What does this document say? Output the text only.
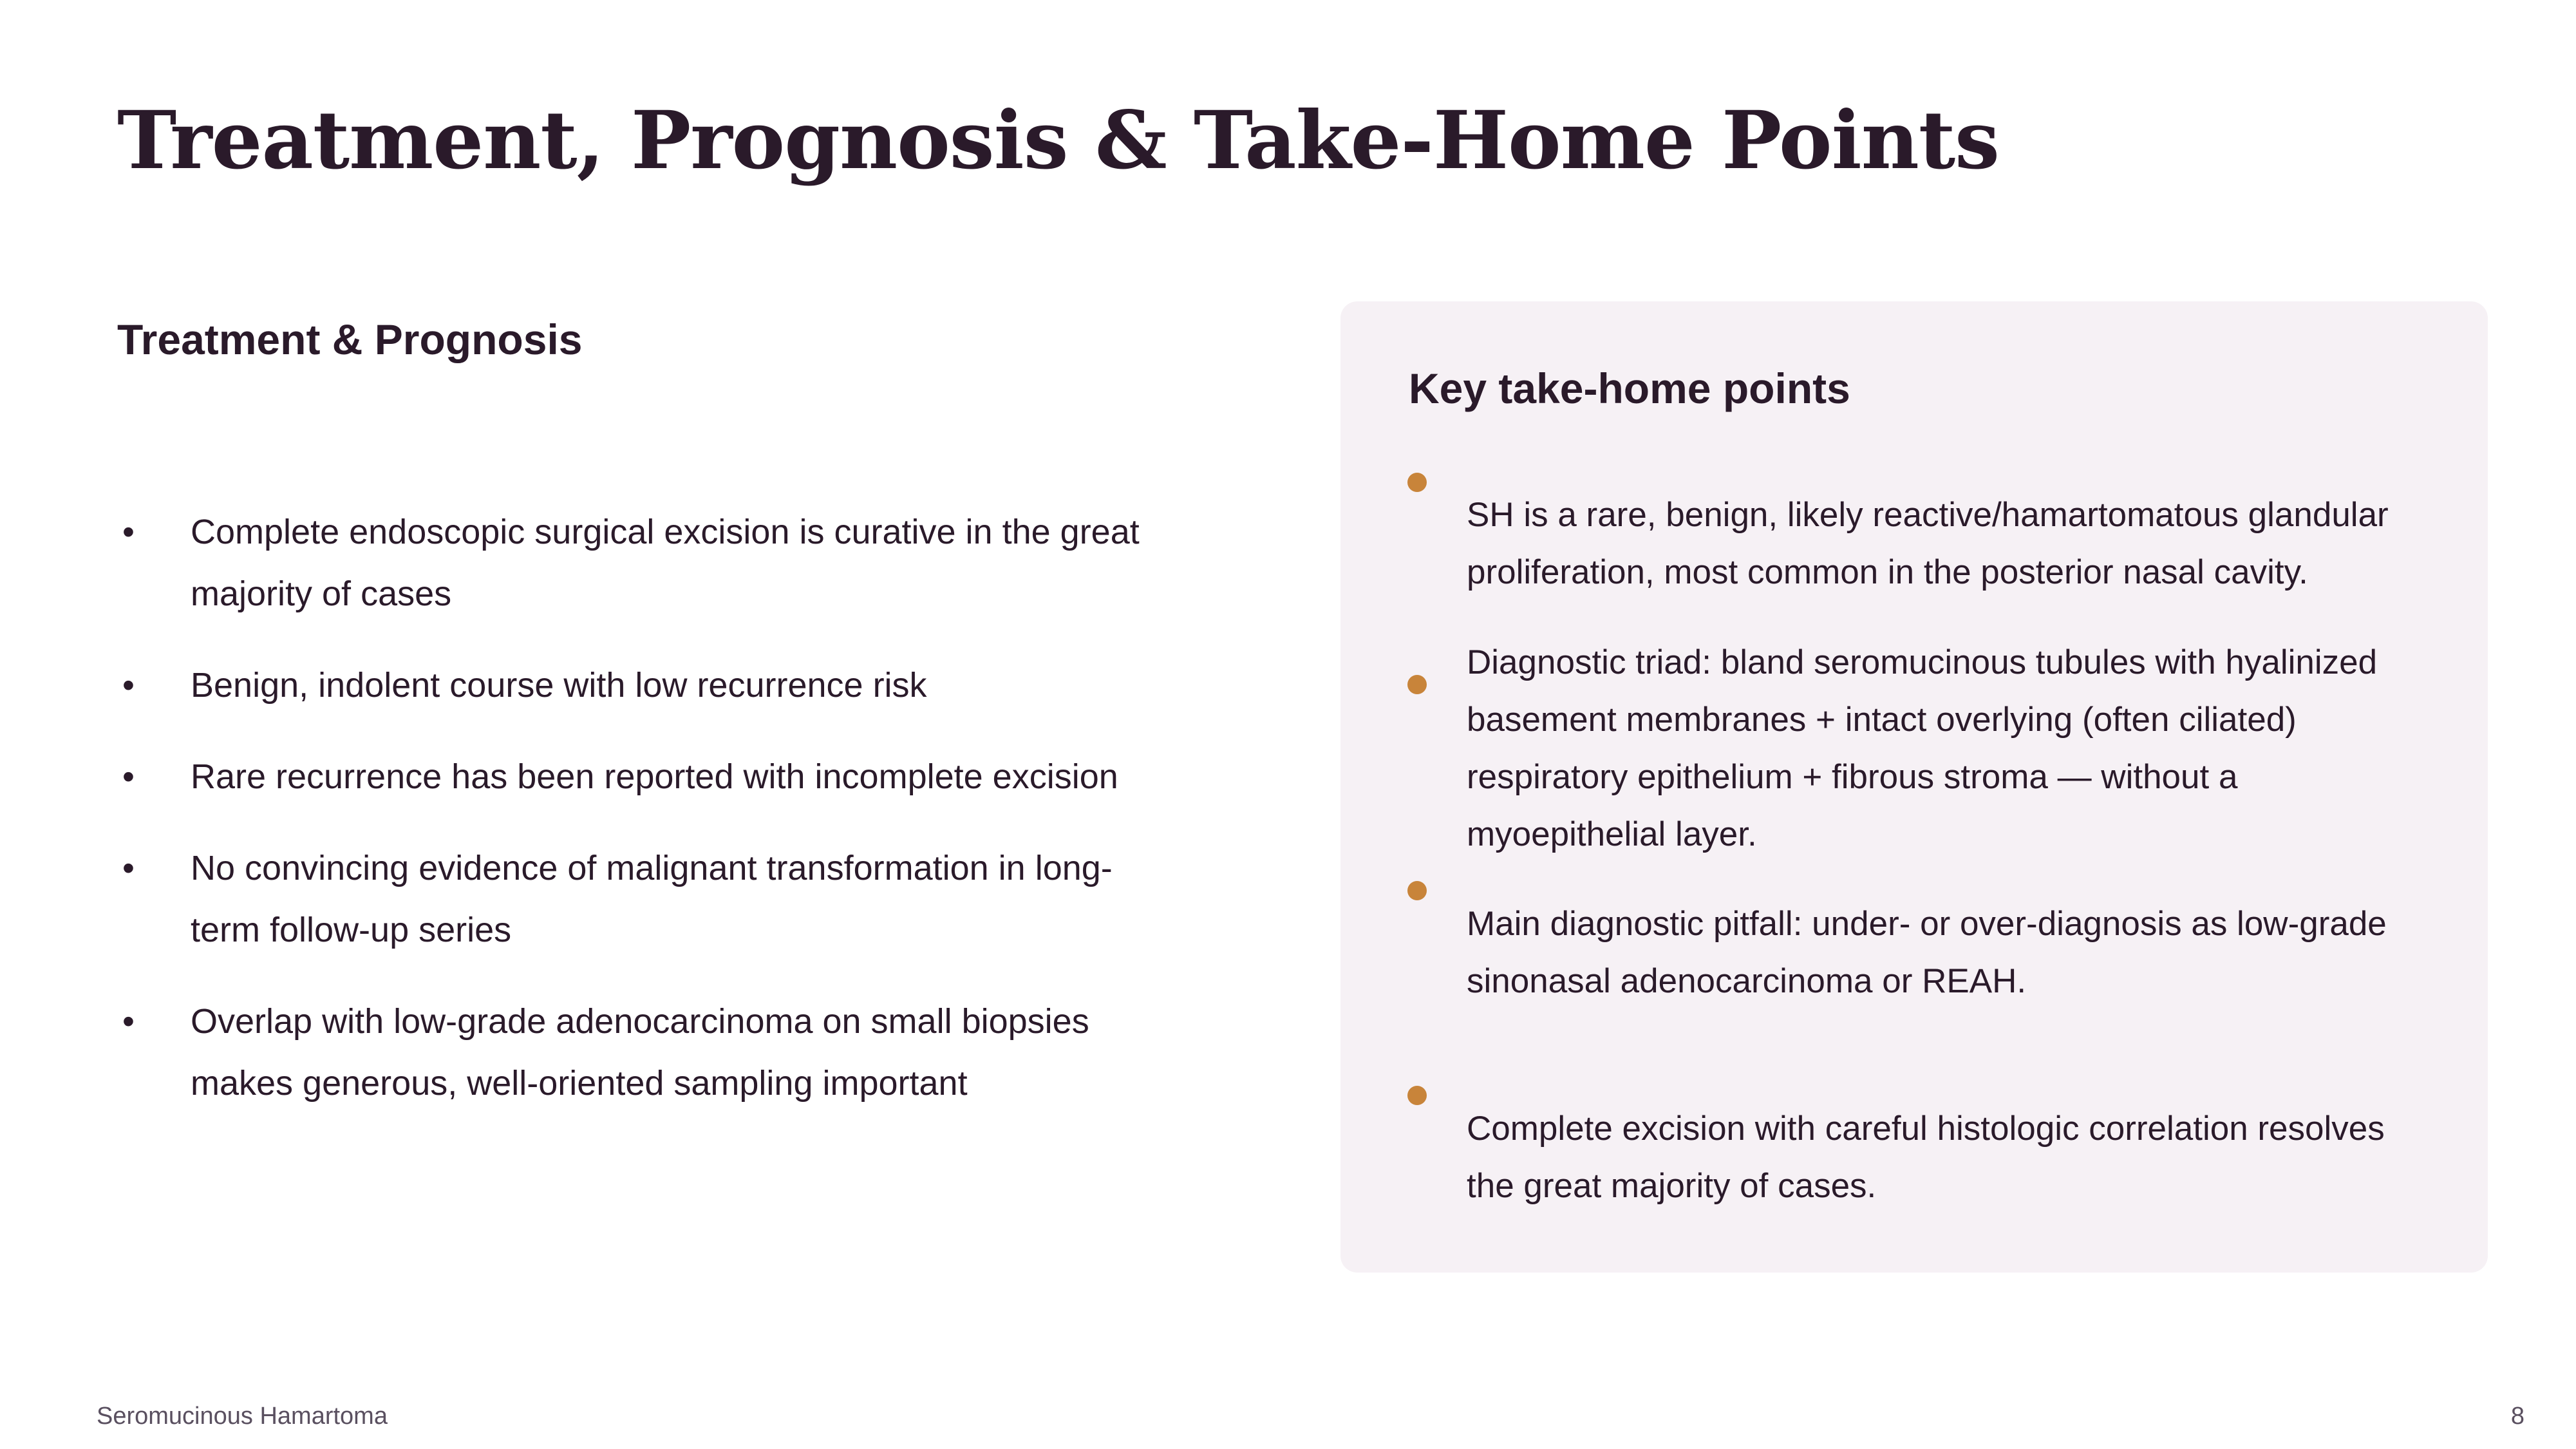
Treatment, Prognosis & Take-Home Points
Treatment & Prognosis
• Complete endoscopic surgical excision is curative in the great majority of cases
• Benign, indolent course with low recurrence risk
• Rare recurrence has been reported with incomplete excision
• No convincing evidence of malignant transformation in long-term follow-up series
• Overlap with low-grade adenocarcinoma on small biopsies makes generous, well-oriented sampling important
Key take-home points
SH is a rare, benign, likely reactive/hamartomatous glandular proliferation, most common in the posterior nasal cavity.
Diagnostic triad: bland seromucinous tubules with hyalinized basement membranes + intact overlying (often ciliated) respiratory epithelium + fibrous stroma — without a myoepithelial layer.
Main diagnostic pitfall: under- or over-diagnosis as low-grade sinonasal adenocarcinoma or REAH.
Complete excision with careful histologic correlation resolves the great majority of cases.
Seromucinous Hamartoma	8
